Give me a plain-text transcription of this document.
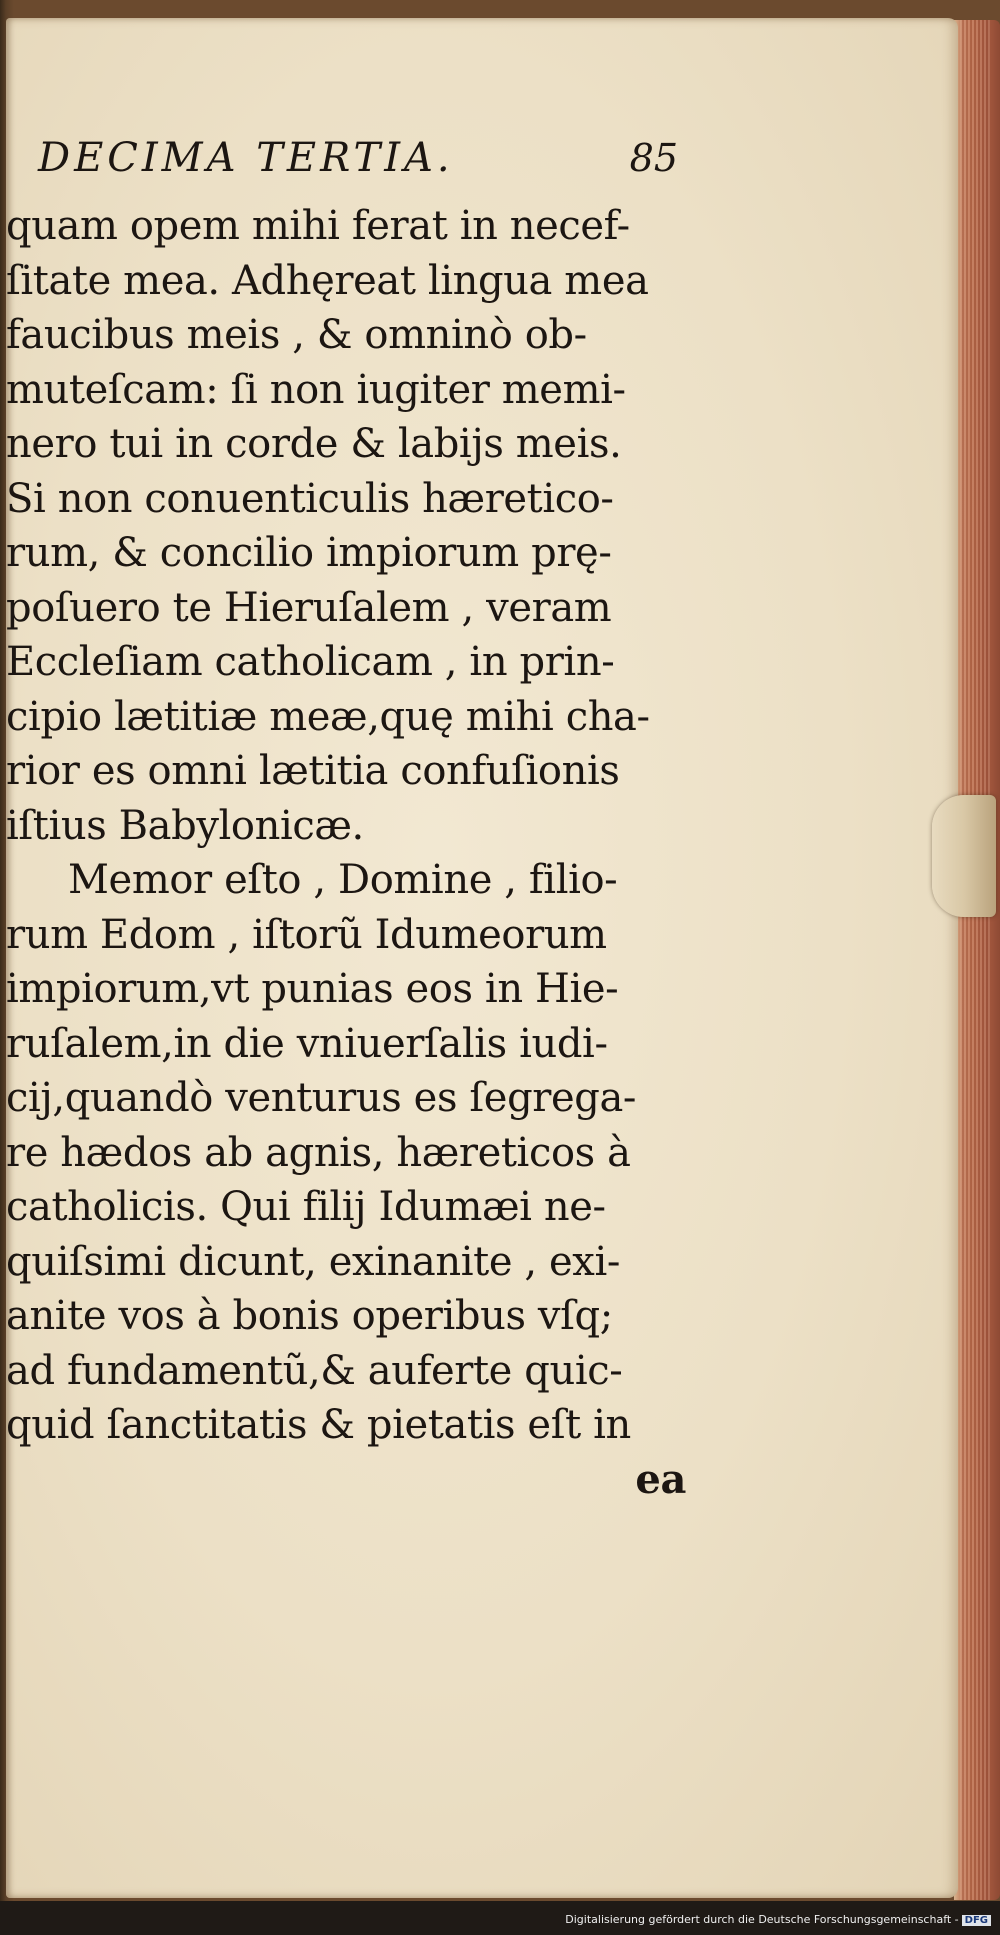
DECIMA TERTIA.	85
quam opem mihi ferat in necef-
ſitate mea. Adhęreat lingua mea
faucibus meis , & omninò ob-
muteſcam: ſi non iugiter memi-
nero tui in corde & labijs meis.
Si non conuenticulis hæretico-
rum, & concilio impiorum prę-
poſuero te Hieruſalem , veram
Eccleſiam catholicam , in prin-
cipio lætitiæ meæ,quę mihi cha-
rior es omni lætitia confuſionis
iſtius Babylonicæ.
Memor eſto , Domine , filio-
rum Edom , iſtorũ Idumeorum
impiorum,vt punias eos in Hie-
ruſalem,in die vniuerſalis iudi-
cij,quandò venturus es ſegrega-
re hædos ab agnis, hæreticos à
catholicis. Qui filij Idumæi ne-
quiſsimi dicunt, exinanite , exi-
anite vos à bonis operibus vſq;
ad fundamentũ,& auferte quic-
quid ſanctitatis & pietatis eſt in
ea
Digitalisierung gefördert durch die Deutsche Forschungsgemeinschaft - DFG
